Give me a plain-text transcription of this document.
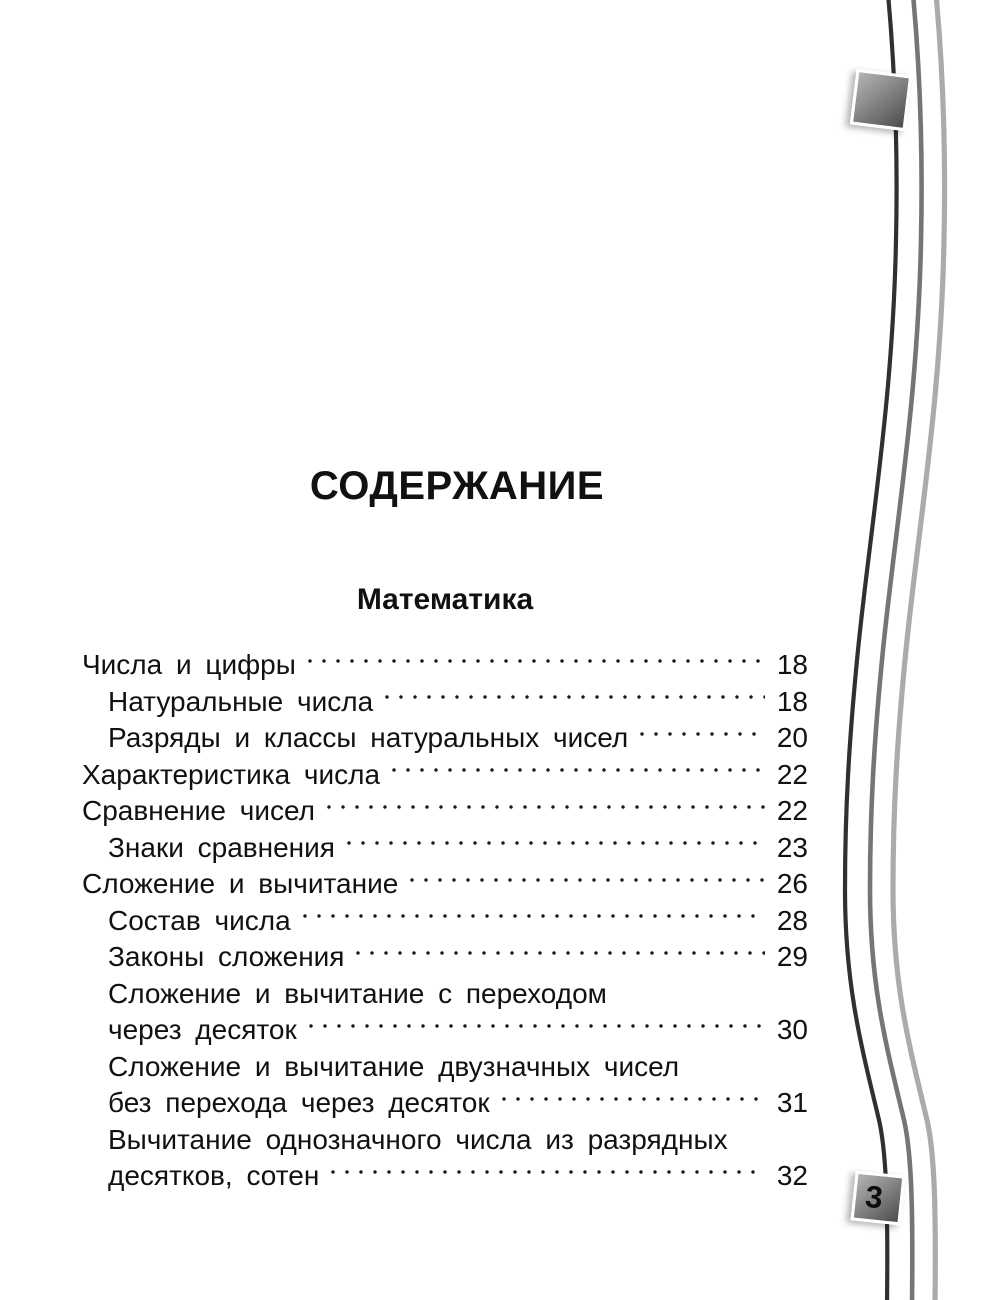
3
СОДЕРЖАНИЕ
Математика
Числа и цифры	18
Натуральные числа	18
Разряды и классы натуральных чисел	20
Характеристика числа	22
Сравнение чисел	22
Знаки сравнения	23
Сложение и вычитание	26
Состав числа	28
Законы сложения	29
Сложение и вычитание с переходом
через десяток	30
Сложение и вычитание двузначных чисел
без перехода через десяток	31
Вычитание однозначного числа из разрядных
десятков, сотен	32
